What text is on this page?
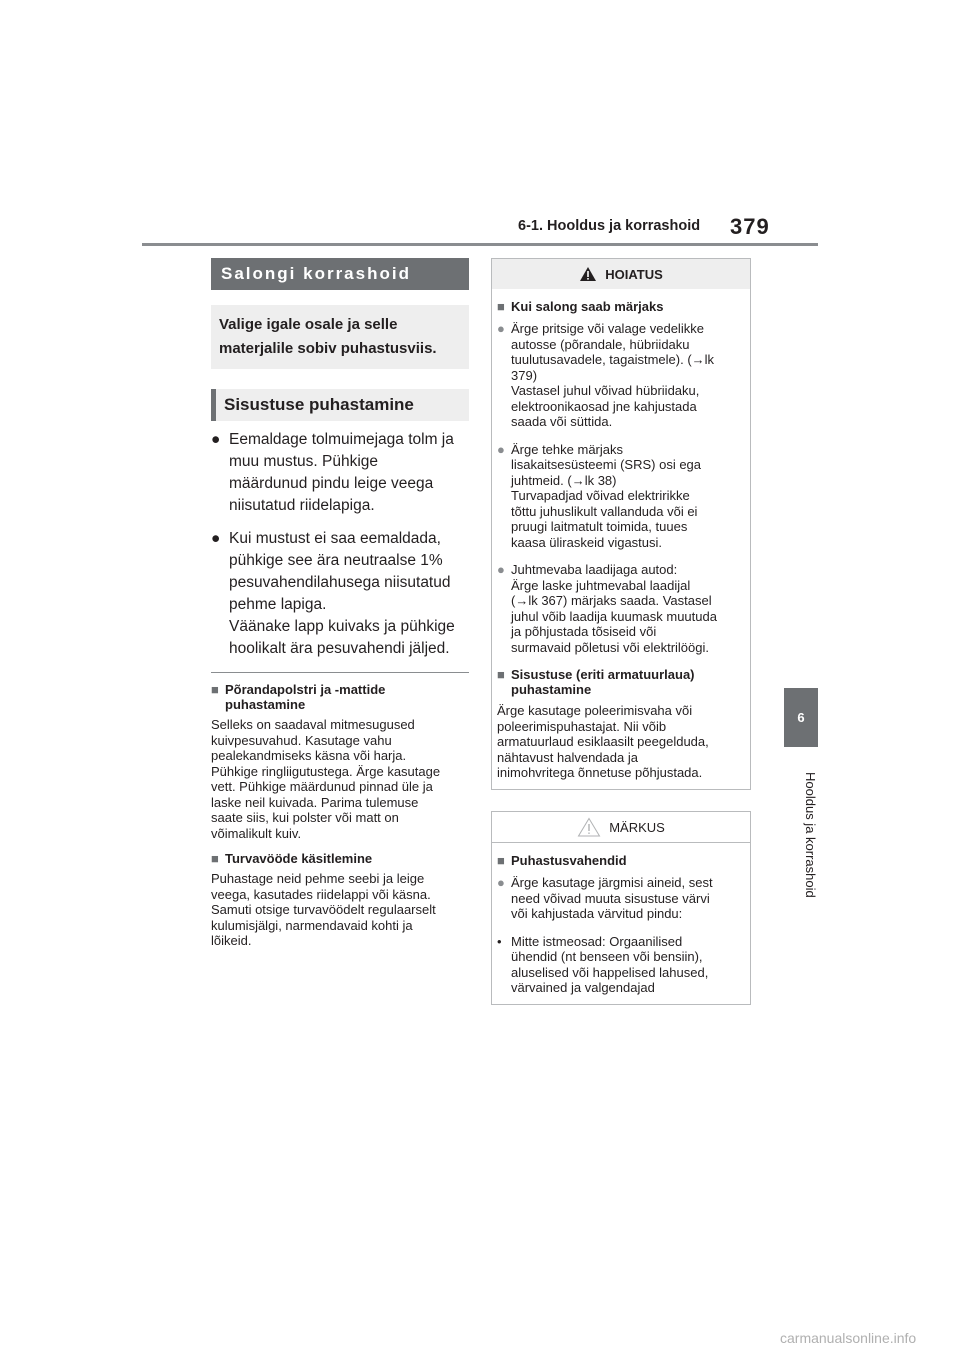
6-1. Hooldus ja korrashoid 379
6
Hooldus ja korrashoid
Salongi korrashoid
Valige igale osale ja selle materjalile sobiv puhastusviis.
Sisustuse puhastamine
● Eemaldage tolmuimejaga tolm ja
muu mustus. Pühkige
määrdunud pindu leige veega
niisutatud riidelapiga.
● Kui mustust ei saa eemaldada,
pühkige see ära neutraalse 1%
pesuvahendilahusega niisutatud
pehme lapiga.
Väänake lapp kuivaks ja pühkige
hoolikalt ära pesuvahendi jäljed.
■ Põrandapolstri ja -mattide
puhastamine
Selleks on saadaval mitmesugused
kuivpesuvahud. Kasutage vahu
pealekandmiseks käsna või harja.
Pühkige ringliigutustega. Ärge kasutage
vett. Pühkige määrdunud pinnad üle ja
laske neil kuivada. Parima tulemuse
saate siis, kui polster või matt on
võimalikult kuiv.
■ Turvavööde käsitlemine
Puhastage neid pehme seebi ja leige
veega, kasutades riidelappi või käsna.
Samuti otsige turvavöödelt regulaarselt
kulumisjälgi, narmendavaid kohti ja
lõikeid.
HOIATUS
■ Kui salong saab märjaks
● Ärge pritsige või valage vedelikke
autosse (põrandale, hübriidaku
tuulutusavadele, tagaistmele). (→lk
379)
Vastasel juhul võivad hübriidaku,
elektroonikaosad jne kahjustada
saada või süttida.
● Ärge tehke märjaks
lisakaitsesüsteemi (SRS) osi ega
juhtmeid. (→lk 38)
Turvapadjad võivad elektririkke
tõttu juhuslikult vallanduda või ei
pruugi laitmatult toimida, tuues
kaasa üliraskeid vigastusi.
● Juhtmevaba laadijaga autod:
Ärge laske juhtmevabal laadijal
(→lk 367) märjaks saada. Vastasel
juhul võib laadija kuumask muutuda
ja põhjustada tõsiseid või
surmavaid põletusi või elektrilöögi.
■ Sisustuse (eriti armatuurlaua)
puhastamine
Ärge kasutage poleerimisvaha või
poleerimispuhastajat. Nii võib
armatuurlaud esiklaasilt peegelduda,
nähtavust halvendada ja
inimohvritega õnnetuse põhjustada.
MÄRKUS
■ Puhastusvahendid
● Ärge kasutage järgmisi aineid, sest
need võivad muuta sisustuse värvi
või kahjustada värvitud pindu:
• Mitte istmeosad: Orgaanilised
ühendid (nt benseen või bensiin),
aluselised või happelised lahused,
värvained ja valgendajad
carmanualsonline.info
